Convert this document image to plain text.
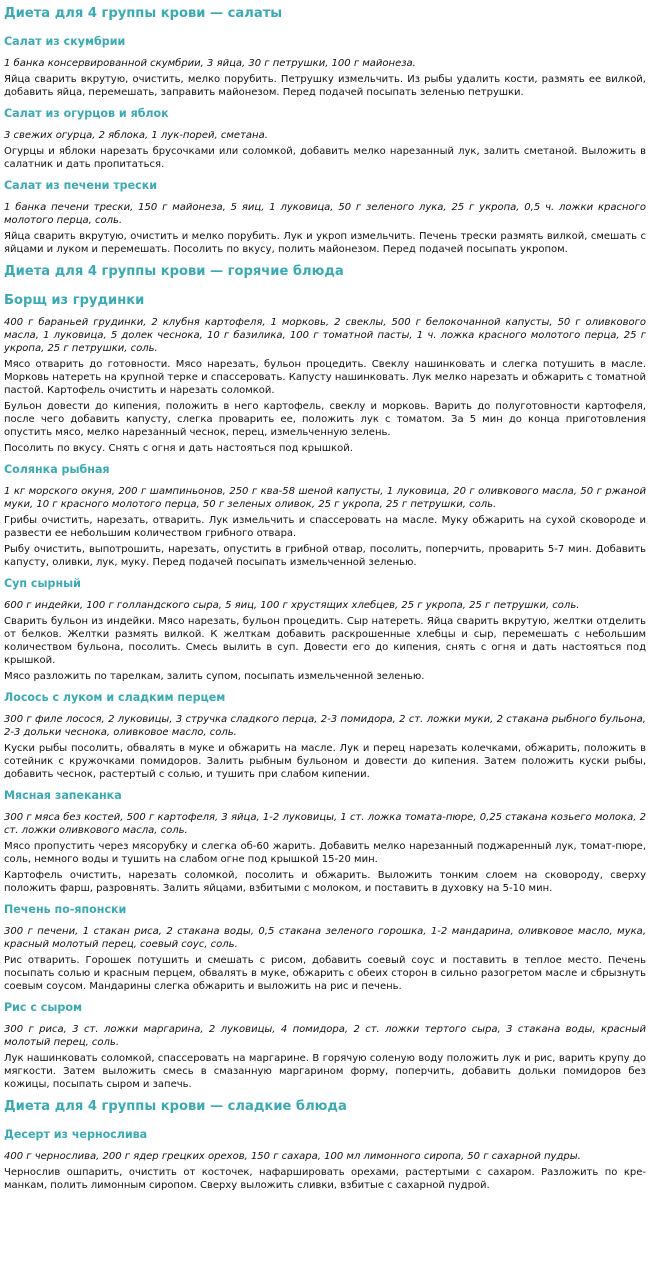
Диета для 4 группы крови — салаты
Салат из скумбрии

1 банка консервированной скумбрии, 3 яйца, 30 г петрушки, 100 г майонеза.

Яйца сварить вкрутую, очистить, мелко порубить. Петрушку измельчить. Из рыбы удалить кости, размять ее вилкой, добавить яйца, перемешать, заправить майонезом. Перед подачей посыпать зеленью петрушки.

Салат из огурцов и яблок

3 свежих огурца, 2 яблока, 1 лук-порей, сметана.

Огурцы и яблоки нарезать брусочками или соломкой, добавить мелко нарезанный лук, залить сметаной. Выложить в салатник и дать пропитаться.

Салат из печени трески

1 банка печени трески, 150 г майонеза, 5 яиц, 1 луковица, 50 г зеленого лука, 25 г укропа, 0,5 ч. ложки красного молотого перца, соль.

Яйца сварить вкрутую, очистить и мелко порубить. Лук и укроп измельчить. Печень трески размять вилкой, смешать с яйцами и луком и перемешать. Посолить по вкусу, полить майонезом. Перед подачей посыпать укропом.

Диета для 4 группы крови — горячие блюда
Борщ из грудинки

400 г бараньей грудинки, 2 клубня картофеля, 1 морковь, 2 свеклы, 500 г белокочанной капусты, 50 г оливкового масла, 1 луковица, 5 долек чеснока, 10 г базилика, 100 г томатной пасты, 1 ч. ложка красного молотого перца, 25 г укропа, 25 г петрушки, соль.

Мясо отварить до готовности. Мясо нарезать, бульон процедить. Свеклу нашинковать и слегка потушить в масле. Морковь натереть на крупной терке и спассеровать. Капусту нашинковать. Лук мелко нарезать и обжарить с томатной пастой. Картофель очистить и нарезать соломкой.

Бульон довести до кипения, положить в него картофель, свеклу и морковь. Варить до полуготовности картофеля, после чего добавить капусту, слегка проварить ее, положить лук с томатом. За 5 мин до конца приготовления опустить мясо, мелко нарезанный чеснок, перец, измельченную зелень.

Посолить по вкусу. Снять с огня и дать настояться под крышкой.

Солянка рыбная

1 кг морского окуня, 200 г шампиньонов, 250 г ква-58 шеной капусты, 1 луковица, 20 г оливкового масла, 50 г ржаной муки, 10 г красного молотого перца, 50 г зеленых оливок, 25 г укропа, 25 г петрушки, соль.

Грибы очистить, нарезать, отварить. Лук измельчить и спассеровать на масле. Муку обжарить на сухой сковороде и развести ее небольшим количеством грибного отвара.

Рыбу очистить, выпотрошить, нарезать, опустить в грибной отвар, посолить, поперчить, проварить 5-7 мин. Добавить капусту, оливки, лук, муку. Перед подачей посыпать измельченной зеленью.

Суп сырный

600 г индейки, 100 г голландского сыра, 5 яиц, 100 г хрустящих хлебцев, 25 г укропа, 25 г петрушки, соль.

Сварить бульон из индейки. Мясо нарезать, бульон процедить. Сыр натереть. Яйца сварить вкрутую, желтки отделить от белков. Желтки размять вилкой. К желткам добавить раскрошенные хлебцы и сыр, перемешать с небольшим количеством бульона, посолить. Смесь вылить в суп. Довести его до кипения, снять с огня и дать настояться под крышкой.

Мясо разложить по тарелкам, залить супом, посыпать измельченной зеленью.

Лосось с луком и сладким перцем

300 г филе лосося, 2 луковицы, 3 стручка сладкого перца, 2-3 помидора, 2 ст. ложки муки, 2 стакана рыбного бульона, 2-3 дольки чеснока, оливковое масло, соль.

Куски рыбы посолить, обвалять в муке и обжарить на масле. Лук и перец нарезать колечками, обжарить, положить в сотейник с кружочками помидоров. Залить рыбным бульоном и довести до кипения. Затем положить куски рыбы, добавить чеснок, растертый с солью, и тушить при слабом кипении.

Мясная запеканка

300 г мяса без костей, 500 г картофеля, 3 яйца, 1-2 луковицы, 1 ст. ложка томата-пюре, 0,25 стакана козьего молока, 2 ст. ложки оливкового масла, соль.

Мясо пропустить через мясорубку и слегка об-60 жарить. Добавить мелко нарезанный поджаренный лук, томат-пюре, соль, немного воды и тушить на слабом огне под крышкой 15-20 мин.

Картофель очистить, нарезать соломкой, посолить и обжарить. Выложить тонким слоем на сковороду, сверху положить фарш, разровнять. Залить яйцами, взбитыми с молоком, и поставить в духовку на 5-10 мин.

Печень по-японски

300 г печени, 1 стакан риса, 2 стакана воды, 0,5 стакана зеленого горошка, 1-2 мандарина, оливковое масло, мука, красный молотый перец, соевый соус, соль.

Рис отварить. Горошек потушить и смешать с рисом, добавить соевый соус и поставить в теплое место. Печень посыпать солью и красным перцем, обвалять в муке, обжарить с обеих сторон в сильно разогретом масле и сбрызнуть соевым соусом. Мандарины слегка обжарить и выложить на рис и печень.

Рис с сыром

300 г риса, 3 ст. ложки маргарина, 2 луковицы, 4 помидора, 2 ст. ложки тертого сыра, 3 стакана воды, красный молотый перец, соль.

Лук нашинковать соломкой, спассеровать на маргарине. В горячую соленую воду положить лук и рис, варить крупу до мягкости. Затем выложить смесь в смазанную маргарином форму, поперчить, добавить дольки помидоров без кожицы, посыпать сыром и запечь.

Диета для 4 группы крови — сладкие блюда
Десерт из чернослива

400 г чернослива, 200 г ядер грецких орехов, 150 г сахара, 100 мл лимонного сиропа, 50 г сахарной пудры.

Чернослив ошпарить, очистить от косточек, нафаршировать орехами, растертыми с сахаром. Разложить по кре-манкам, полить лимонным сиропом. Сверху выложить сливки, взбитые с сахарной пудрой.
